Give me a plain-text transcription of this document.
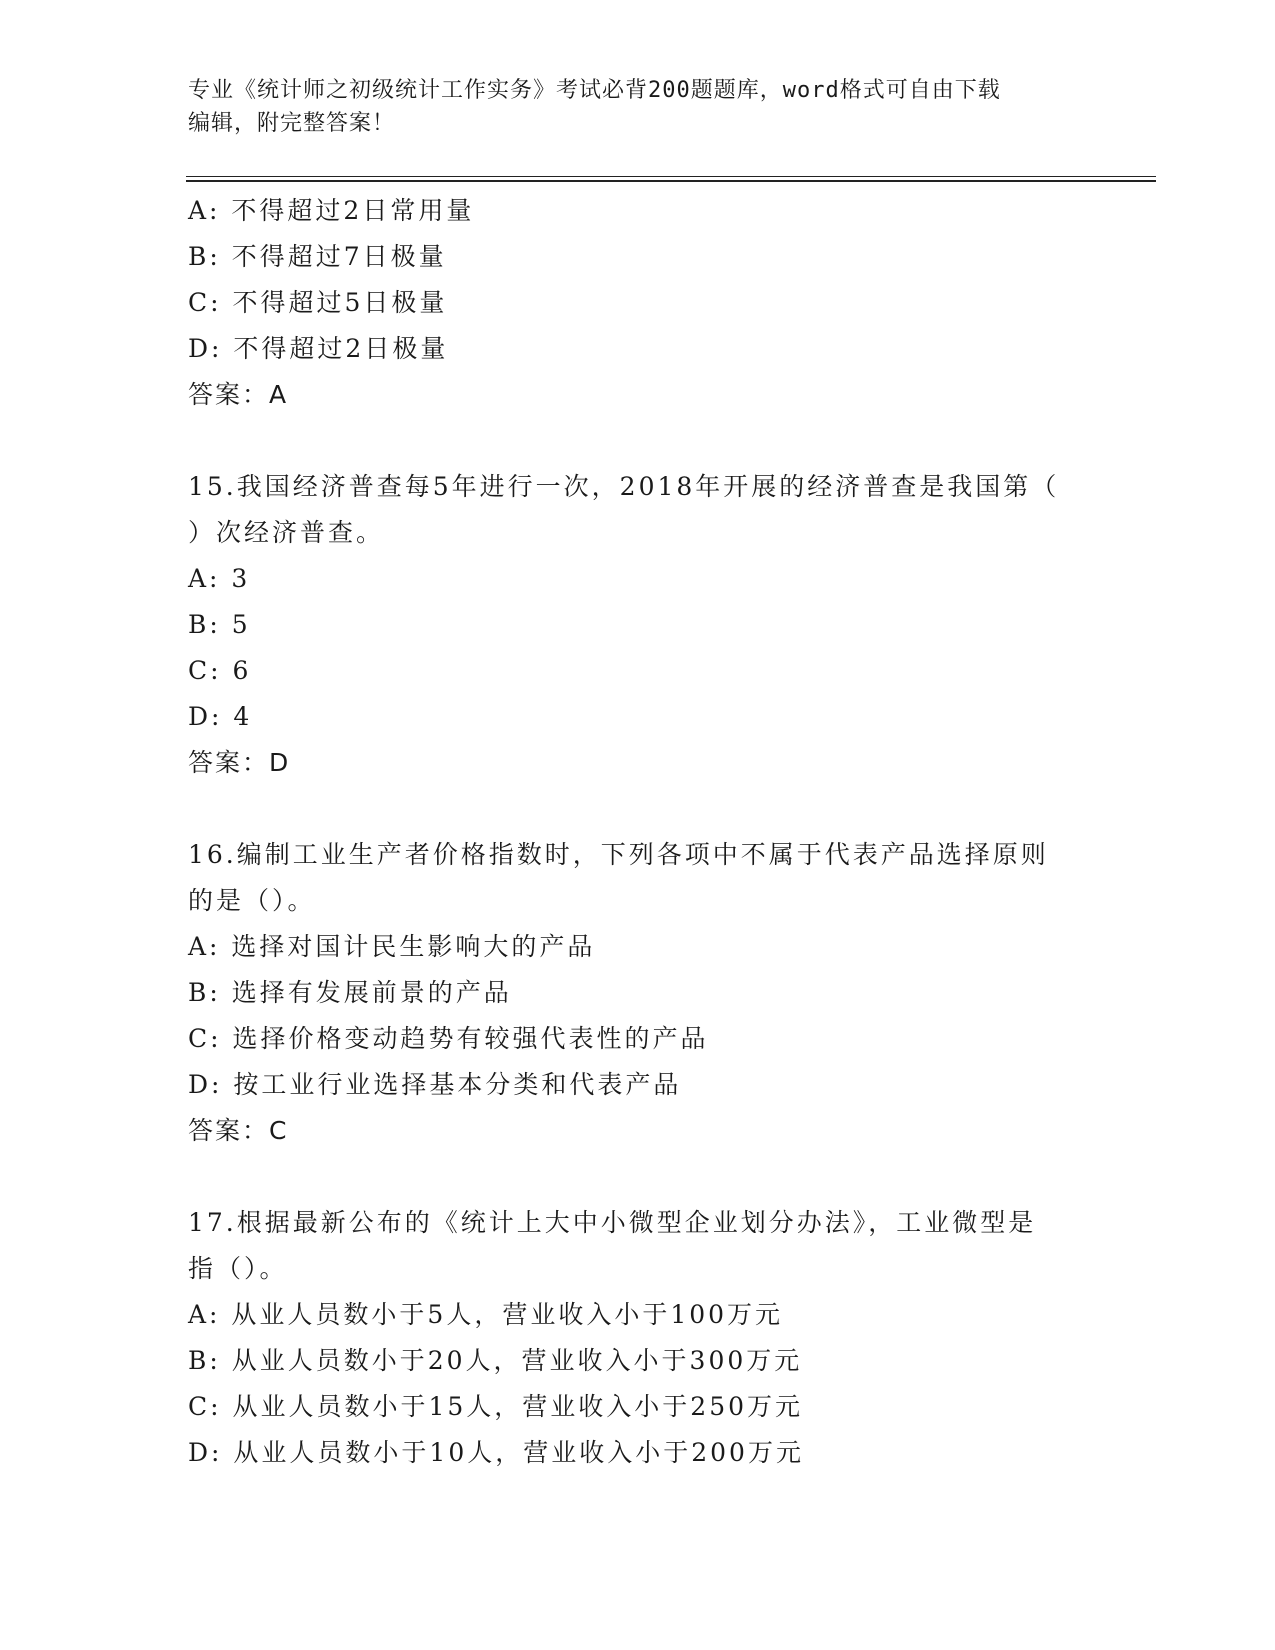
专业《统计师之初级统计工作实务》考试必背200题题库，word格式可自由下载
编辑，附完整答案！
A: 不得超过2日常用量
B: 不得超过7日极量
C: 不得超过5日极量
D: 不得超过2日极量
答案：A
15.我国经济普查每5年进行一次，2018年开展的经济普查是我国第（
）次经济普查。
A: 3
B: 5
C: 6
D: 4
答案：D
16.编制工业生产者价格指数时，下列各项中不属于代表产品选择原则
的是（）。
A: 选择对国计民生影响大的产品
B: 选择有发展前景的产品
C: 选择价格变动趋势有较强代表性的产品
D: 按工业行业选择基本分类和代表产品
答案：C
17.根据最新公布的《统计上大中小微型企业划分办法》，工业微型是
指（）。
A: 从业人员数小于5人，营业收入小于100万元
B: 从业人员数小于20人，营业收入小于300万元
C: 从业人员数小于15人，营业收入小于250万元
D: 从业人员数小于10人，营业收入小于200万元
